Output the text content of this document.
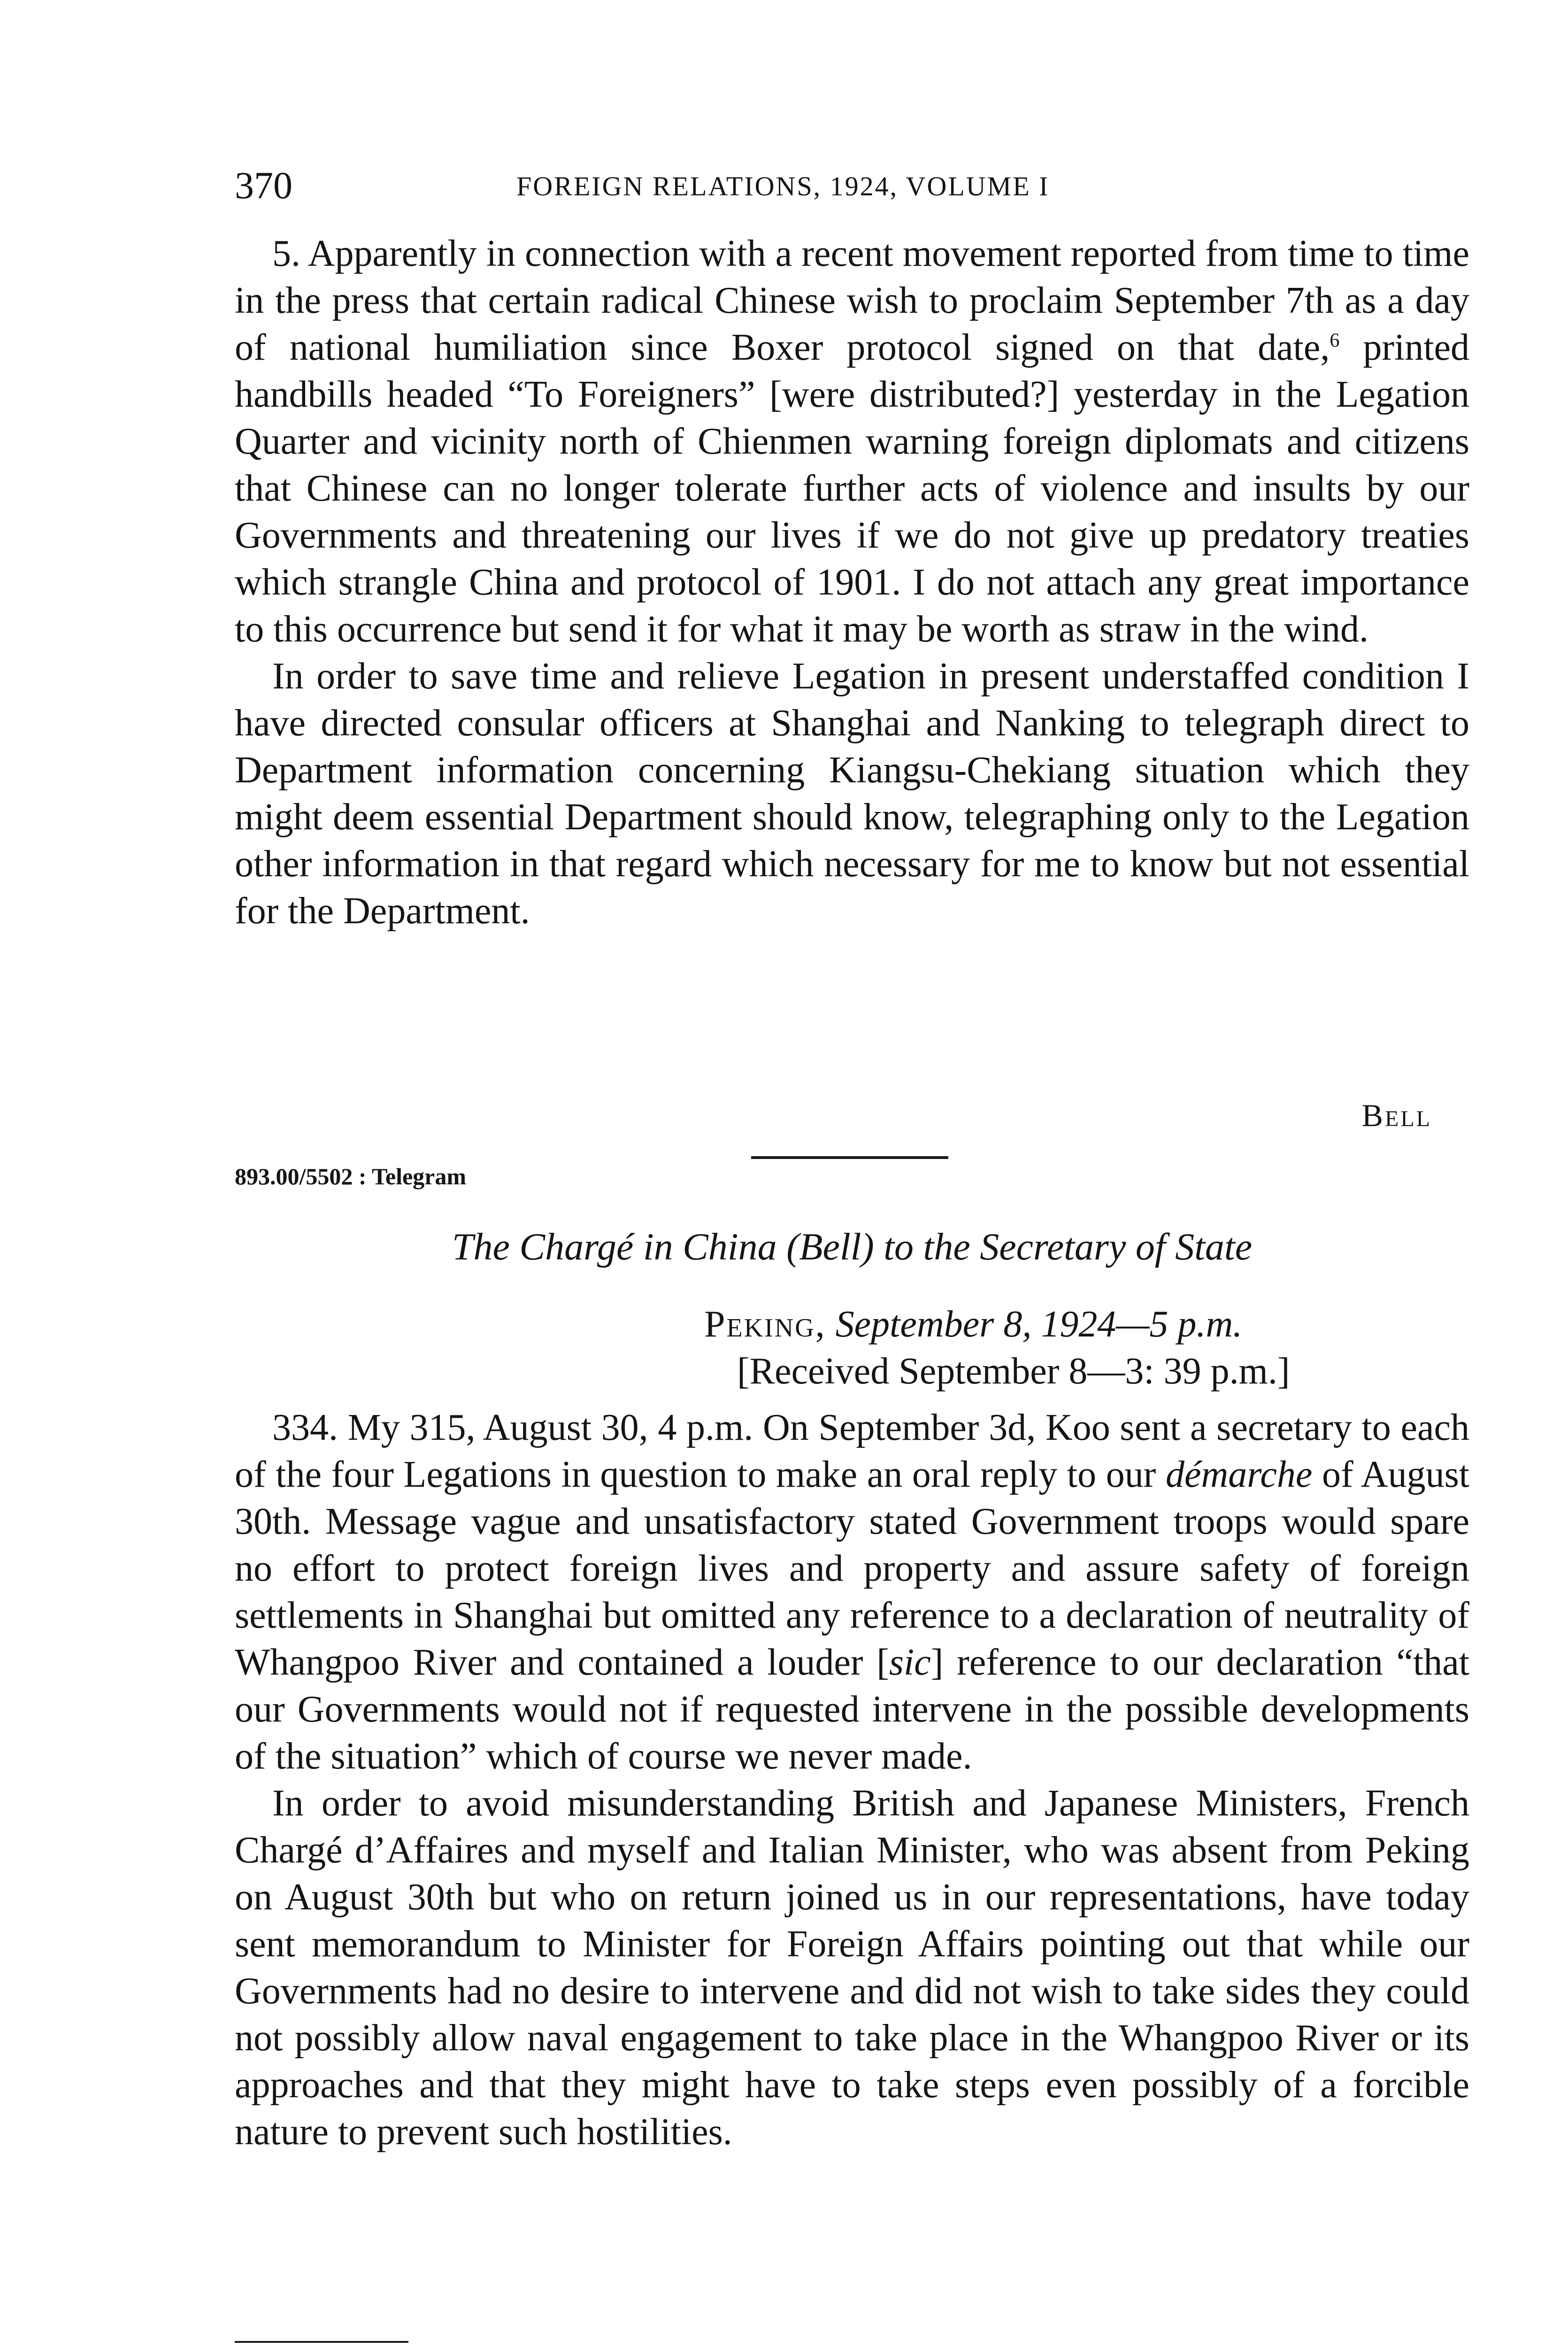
370	FOREIGN RELATIONS, 1924, VOLUME I

5. Apparently in connection with a recent movement reported from time to time in the press that certain radical Chinese wish to proclaim September 7th as a day of national humiliation since Boxer protocol signed on that date,$^6$ printed handbills headed “To Foreigners” [were distributed?] yesterday in the Legation Quarter and vicinity north of Chienmen warning foreign diplomats and citizens that Chinese can no longer tolerate further acts of violence and insults by our Governments and threatening our lives if we do not give up predatory treaties which strangle China and protocol of 1901. I do not attach any great importance to this occurrence but send it for what it may be worth as straw in the wind.

In order to save time and relieve Legation in present understaffed condition I have directed consular officers at Shanghai and Nanking to telegraph direct to Department information concerning Kiangsu-Chekiang situation which they might deem essential Department should know, telegraphing only to the Legation other information in that regard which necessary for me to know but not essential for the Department.

Bell
893.00/5502 : Telegram
The Chargé in China (Bell) to the Secretary of State
Peking, September 8, 1924—5 p.m.
[Received September 8—3: 39 p.m.]

334. My 315, August 30, 4 p.m. On September 3d, Koo sent a secretary to each of the four Legations in question to make an oral reply to our démarche of August 30th. Message vague and unsatisfactory stated Government troops would spare no effort to protect foreign lives and property and assure safety of foreign settlements in Shanghai but omitted any reference to a declaration of neutrality of Whangpoo River and contained a louder [sic] reference to our declaration “that our Governments would not if requested intervene in the possible developments of the situation” which of course we never made.

In order to avoid misunderstanding British and Japanese Ministers, French Chargé d’Affaires and myself and Italian Minister, who was absent from Peking on August 30th but who on return joined us in our representations, have today sent memorandum to Minister for Foreign Affairs pointing out that while our Governments had no desire to intervene and did not wish to take sides they could not possibly allow naval engagement to take place in the Whangpoo River or its approaches and that they might have to take steps even possibly of a forcible nature to prevent such hostilities.
